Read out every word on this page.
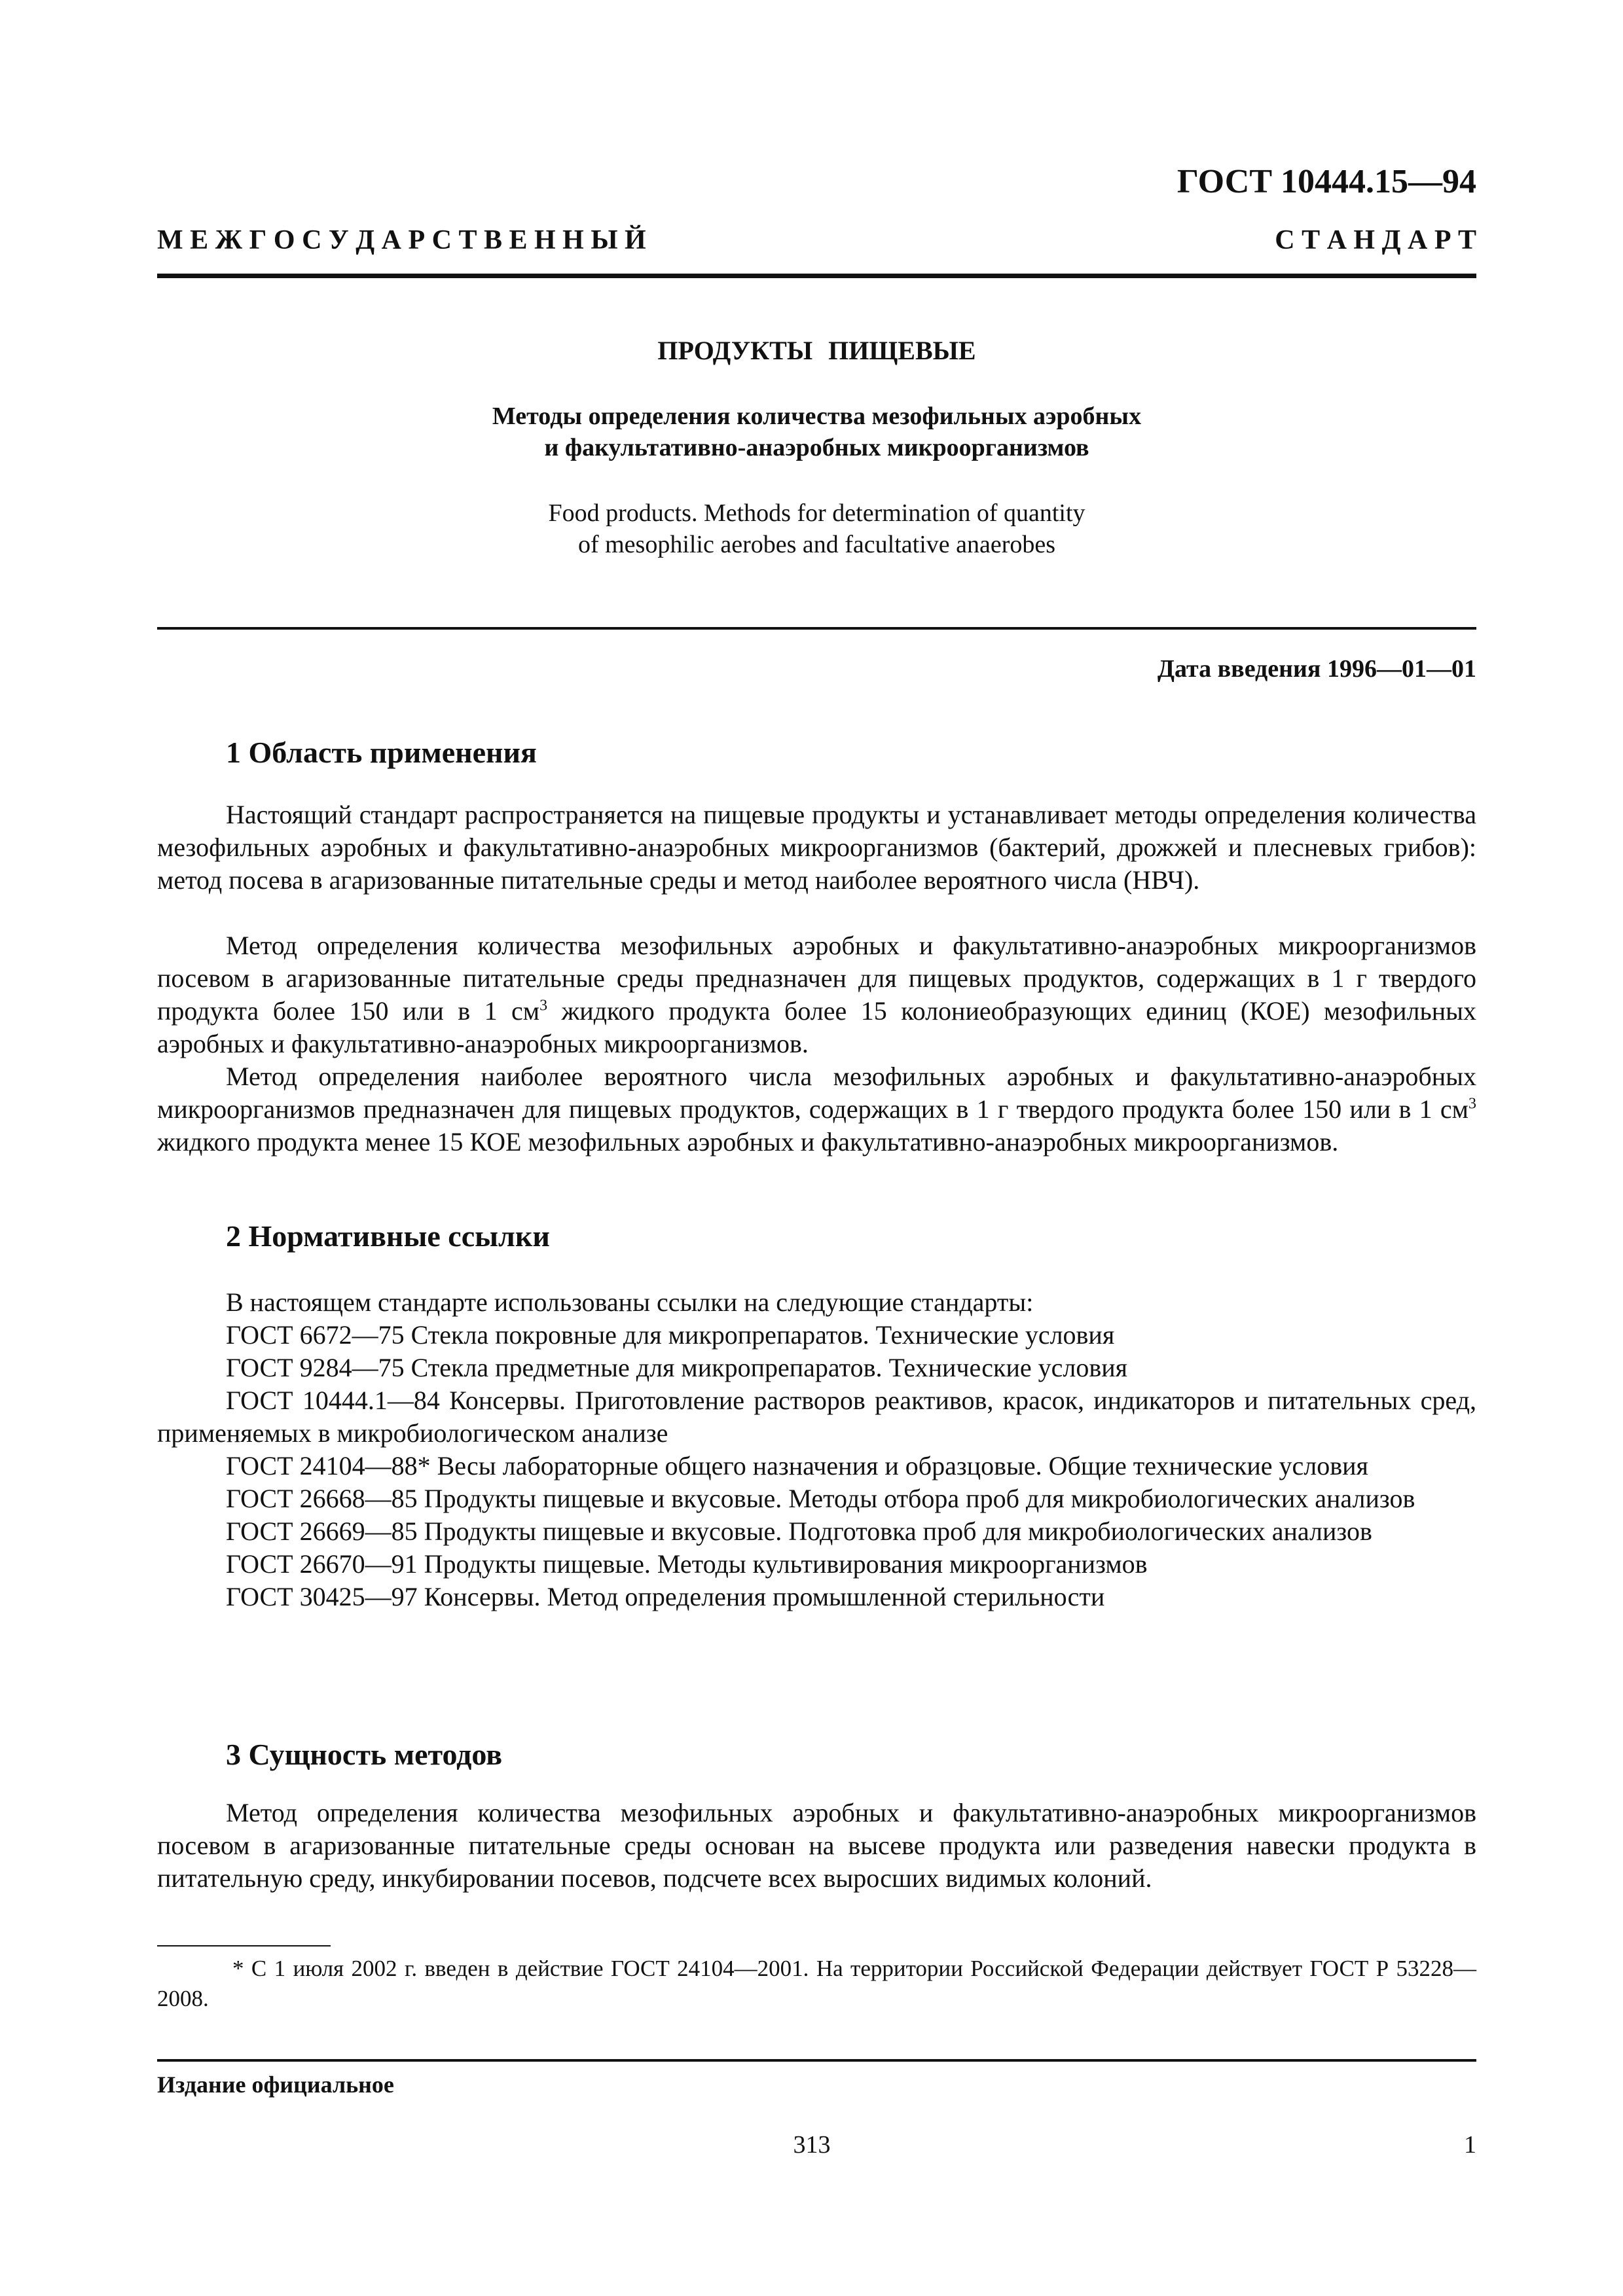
ГОСТ 10444.15—94
М Е Ж Г О С У Д А Р С Т В Е Н Н Ы Й	С Т А Н Д А Р Т
ПРОДУКТЫ ПИЩЕВЫЕ
Методы определения количества мезофильных аэробных
и факультативно-анаэробных микроорганизмов
Food products. Methods for determination of quantity
of mesophilic aerobes and facultative anaerobes
Дата введения 1996—01—01
1 Область применения

Настоящий стандарт распространяется на пищевые продукты и устанавливает методы определения количества мезофильных аэробных и факультативно-анаэробных микроорганизмов (бактерий, дрожжей и плесневых грибов): метод посева в агаризованные питательные среды и метод наиболее вероятного числа (НВЧ).

Метод определения количества мезофильных аэробных и факультативно-анаэробных микроорганизмов посевом в агаризованные питательные среды предназначен для пищевых продуктов, содержащих в 1 г твердого продукта более 150 или в 1 $см^3$ жидкого продукта более 15 колониеобразующих единиц (КОЕ) мезофильных аэробных и факультативно-анаэробных микроорганизмов.

Метод определения наиболее вероятного числа мезофильных аэробных и факультативно-анаэробных микроорганизмов предназначен для пищевых продуктов, содержащих в 1 г твердого продукта более 150 или в 1 $см^3$ жидкого продукта менее 15 КОЕ мезофильных аэробных и факультативно-анаэробных микроорганизмов.

2 Нормативные ссылки

В настоящем стандарте использованы ссылки на следующие стандарты:

ГОСТ 6672—75 Стекла покровные для микропрепаратов. Технические условия

ГОСТ 9284—75 Стекла предметные для микропрепаратов. Технические условия

ГОСТ 10444.1—84 Консервы. Приготовление растворов реактивов, красок, индикаторов и питательных сред, применяемых в микробиологическом анализе

ГОСТ 24104—88* Весы лабораторные общего назначения и образцовые. Общие технические условия

ГОСТ 26668—85 Продукты пищевые и вкусовые. Методы отбора проб для микробиологических анализов

ГОСТ 26669—85 Продукты пищевые и вкусовые. Подготовка проб для микробиологических анализов

ГОСТ 26670—91 Продукты пищевые. Методы культивирования микроорганизмов

ГОСТ 30425—97 Консервы. Метод определения промышленной стерильности

3 Сущность методов

Метод определения количества мезофильных аэробных и факультативно-анаэробных микроорганизмов посевом в агаризованные питательные среды основан на высеве продукта или разведения навески продукта в питательную среду, инкубировании посевов, подсчете всех выросших видимых колоний.

* С 1 июля 2002 г. введен в действие ГОСТ 24104—2001. На территории Российской Федерации действует ГОСТ Р 53228—2008.

Издание официальное
313	1
